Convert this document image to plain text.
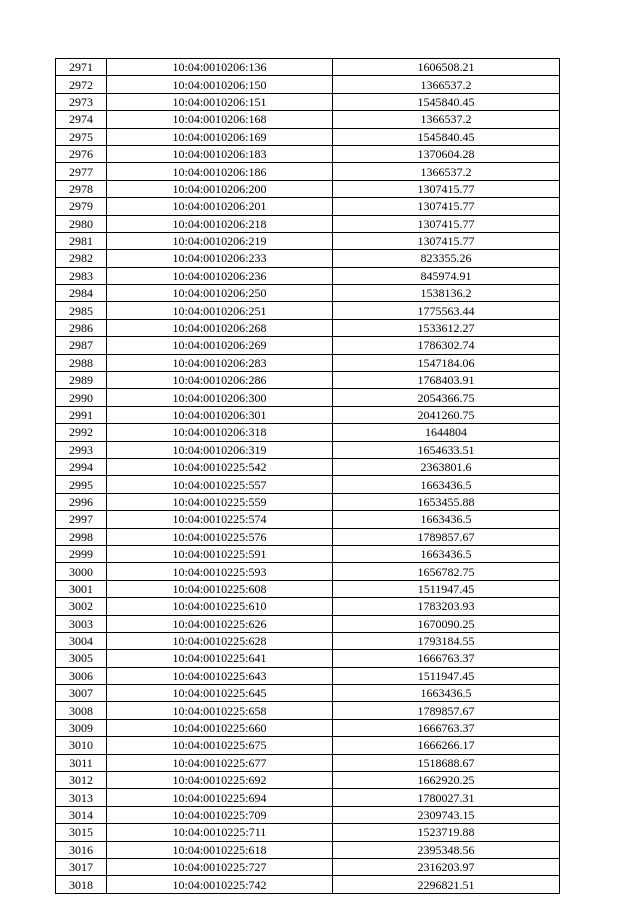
2971	10:04:0010206:136	1606508.21
2972	10:04:0010206:150	1366537.2
2973	10:04:0010206:151	1545840.45
2974	10:04:0010206:168	1366537.2
2975	10:04:0010206:169	1545840.45
2976	10:04:0010206:183	1370604.28
2977	10:04:0010206:186	1366537.2
2978	10:04:0010206:200	1307415.77
2979	10:04:0010206:201	1307415.77
2980	10:04:0010206:218	1307415.77
2981	10:04:0010206:219	1307415.77
2982	10:04:0010206:233	823355.26
2983	10:04:0010206:236	845974.91
2984	10:04:0010206:250	1538136.2
2985	10:04:0010206:251	1775563.44
2986	10:04:0010206:268	1533612.27
2987	10:04:0010206:269	1786302.74
2988	10:04:0010206:283	1547184.06
2989	10:04:0010206:286	1768403.91
2990	10:04:0010206:300	2054366.75
2991	10:04:0010206:301	2041260.75
2992	10:04:0010206:318	1644804
2993	10:04:0010206:319	1654633.51
2994	10:04:0010225:542	2363801.6
2995	10:04:0010225:557	1663436.5
2996	10:04:0010225:559	1653455.88
2997	10:04:0010225:574	1663436.5
2998	10:04:0010225:576	1789857.67
2999	10:04:0010225:591	1663436.5
3000	10:04:0010225:593	1656782.75
3001	10:04:0010225:608	1511947.45
3002	10:04:0010225:610	1783203.93
3003	10:04:0010225:626	1670090.25
3004	10:04:0010225:628	1793184.55
3005	10:04:0010225:641	1666763.37
3006	10:04:0010225:643	1511947.45
3007	10:04:0010225:645	1663436.5
3008	10:04:0010225:658	1789857.67
3009	10:04:0010225:660	1666763.37
3010	10:04:0010225:675	1666266.17
3011	10:04:0010225:677	1518688.67
3012	10:04:0010225:692	1662920.25
3013	10:04:0010225:694	1780027.31
3014	10:04:0010225:709	2309743.15
3015	10:04:0010225:711	1523719.88
3016	10:04:0010225:618	2395348.56
3017	10:04:0010225:727	2316203.97
3018	10:04:0010225:742	2296821.51
